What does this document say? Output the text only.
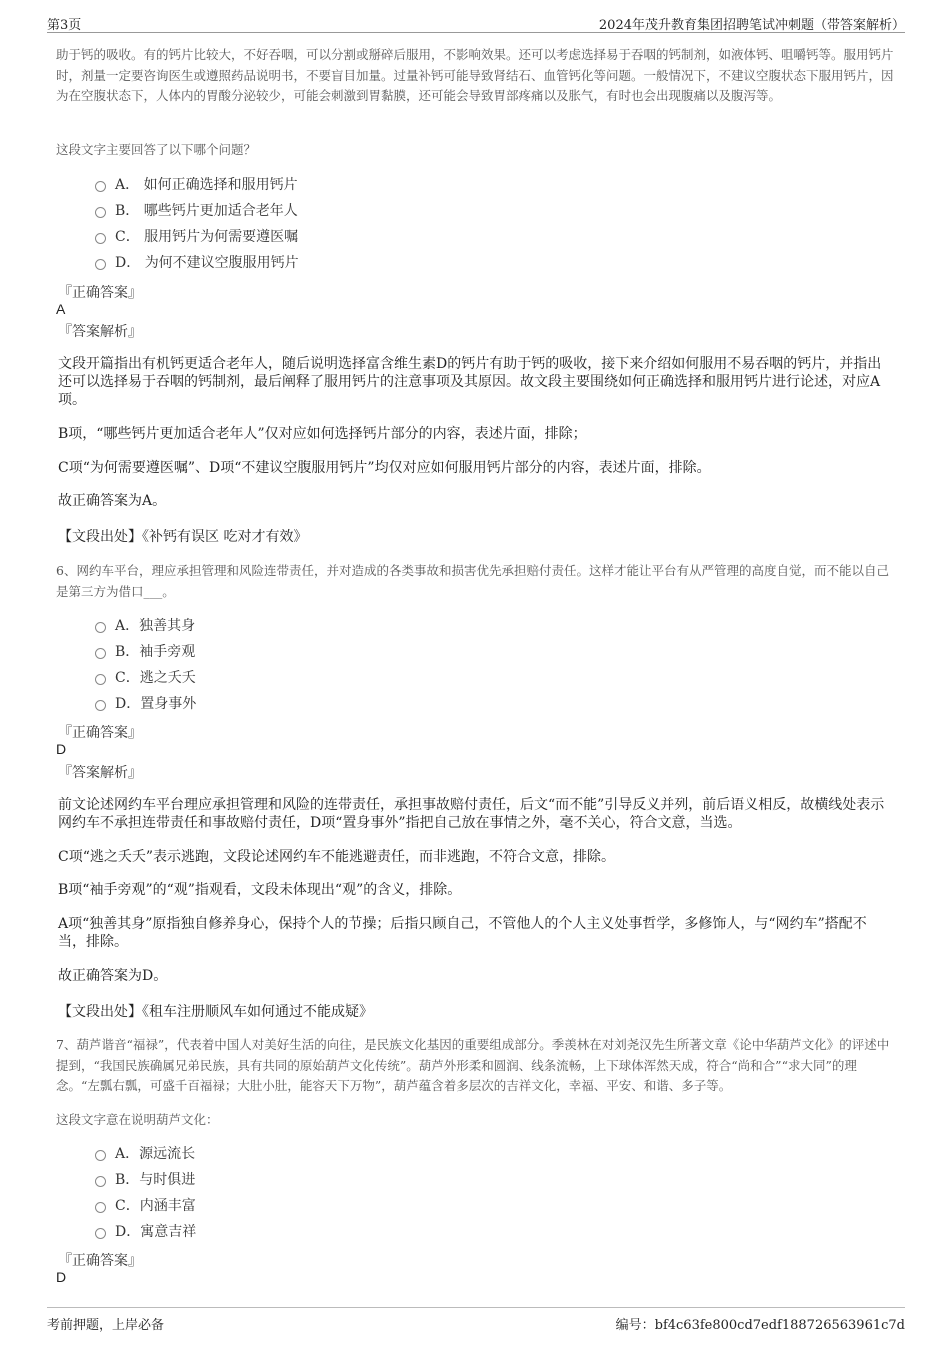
第3页	2024年茂升教育集团招聘笔试冲刺题（带答案解析）
助于钙的吸收。有的钙片比较大，不好吞咽，可以分割或掰碎后服用，不影响效果。还可以考虑选择易于吞咽的钙制剂，如液体钙、咀嚼钙等。服用钙片时，剂量一定要咨询医生或遵照药品说明书，不要盲目加量。过量补钙可能导致肾结石、血管钙化等问题。一般情况下，不建议空腹状态下服用钙片，因为在空腹状态下，人体内的胃酸分泌较少，可能会刺激到胃黏膜，还可能会导致胃部疼痛以及胀气，有时也会出现腹痛以及腹泻等。
这段文字主要回答了以下哪个问题？
A． 如何正确选择和服用钙片
B． 哪些钙片更加适合老年人
C． 服用钙片为何需要遵医嘱
D． 为何不建议空腹服用钙片
『正确答案』
A
『答案解析』
文段开篇指出有机钙更适合老年人，随后说明选择富含维生素D的钙片有助于钙的吸收，接下来介绍如何服用不易吞咽的钙片，并指出还可以选择易于吞咽的钙制剂，最后阐释了服用钙片的注意事项及其原因。故文段主要围绕如何正确选择和服用钙片进行论述，对应A项。
B项，“哪些钙片更加适合老年人”仅对应如何选择钙片部分的内容，表述片面，排除；
C项“为何需要遵医嘱”、D项“不建议空腹服用钙片”均仅对应如何服用钙片部分的内容，表述片面，排除。
故正确答案为A。
【文段出处】《补钙有误区 吃对才有效》
6、网约车平台，理应承担管理和风险连带责任，并对造成的各类事故和损害优先承担赔付责任。这样才能让平台有从严管理的高度自觉，而不能以自己是第三方为借口___。
A．独善其身
B．袖手旁观
C．逃之夭夭
D．置身事外
『正确答案』
D
『答案解析』
前文论述网约车平台理应承担管理和风险的连带责任，承担事故赔付责任，后文“而不能”引导反义并列，前后语义相反，故横线处表示网约车不承担连带责任和事故赔付责任，D项“置身事外”指把自己放在事情之外，毫不关心，符合文意，当选。
C项“逃之夭夭”表示逃跑，文段论述网约车不能逃避责任，而非逃跑，不符合文意，排除。
B项“袖手旁观”的“观”指观看，文段未体现出“观”的含义，排除。
A项“独善其身”原指独自修养身心，保持个人的节操；后指只顾自己，不管他人的个人主义处事哲学，多修饰人，与“网约车”搭配不当，排除。
故正确答案为D。
【文段出处】《租车注册顺风车如何通过不能成疑》
7、葫芦谐音“福禄”，代表着中国人对美好生活的向往，是民族文化基因的重要组成部分。季羡林在对刘尧汉先生所著文章《论中华葫芦文化》的评述中提到，“我国民族确属兄弟民族，具有共同的原始葫芦文化传统”。葫芦外形柔和圆润、线条流畅，上下球体浑然天成，符合“尚和合”“求大同”的理念。“左瓢右瓢，可盛千百福禄；大肚小肚，能容天下万物”，葫芦蕴含着多层次的吉祥文化，幸福、平安、和谐、多子等。
这段文字意在说明葫芦文化：
A．源远流长
B．与时俱进
C．内涵丰富
D．寓意吉祥
『正确答案』
D
考前押题，上岸必备	编号：bf4c63fe800cd7edf188726563961c7d
